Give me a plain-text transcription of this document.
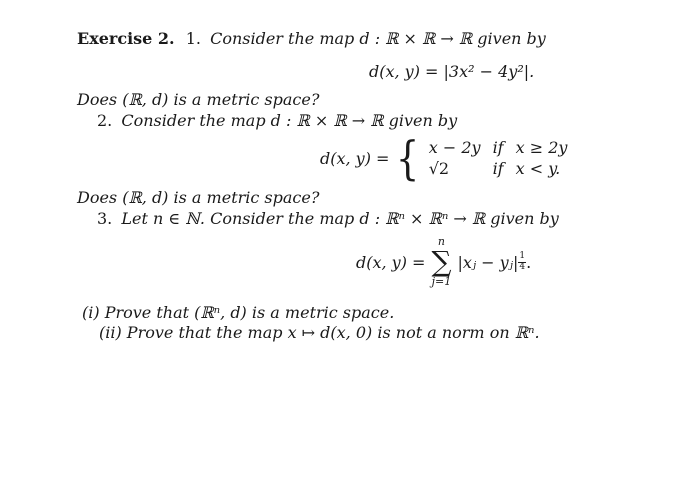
Exercise 2. 1. Consider the map d : ℝ × ℝ → ℝ given by
d(x, y) = |3x² − 4y²|.
Does (ℝ, d) is a metric space?
2. Consider the map d : ℝ × ℝ → ℝ given by
d(x, y) = { x − 2y if x ≥ 2y
√2	if x < y.
Does (ℝ, d) is a metric space?
3. Let n ∈ ℕ. Consider the map d : ℝⁿ × ℝⁿ → ℝ given by
d(x, y) =
n
∑
j=1
|xⱼ − yⱼ| $\frac{1}{4}$ .
(i) Prove that (ℝⁿ, d) is a metric space.
(ii) Prove that the map x ↦ d(x, 0) is not a norm on ℝⁿ.
